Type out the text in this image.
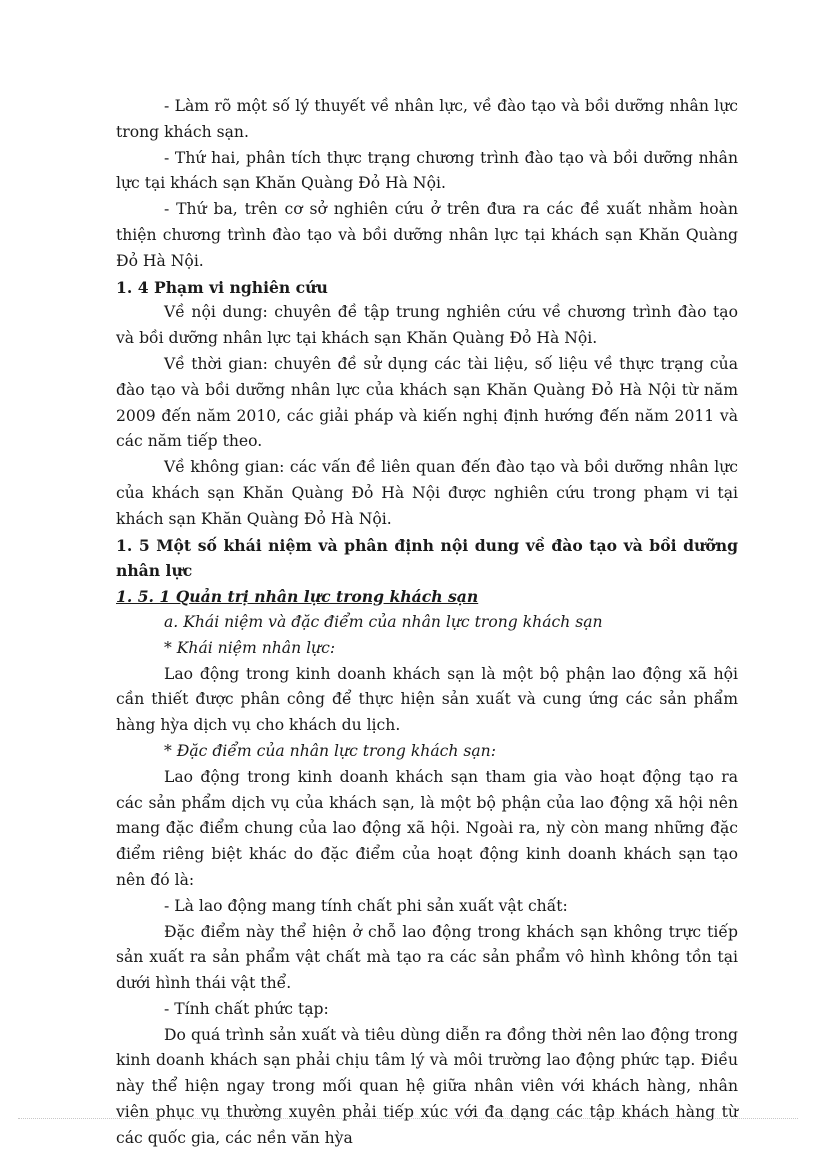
- Làm rõ một số lý thuyết về nhân lực, về đào tạo và bồi dưỡng nhân lực trong khách sạn.

- Thứ hai, phân tích thực trạng chương trình đào tạo và bồi dưỡng nhân lực tại khách sạn Khăn Quàng Đỏ Hà Nội.

- Thứ ba, trên cơ sở nghiên cứu ở trên đưa ra các đề xuất nhằm hoàn thiện chương trình đào tạo và bồi dưỡng nhân lực tại khách sạn Khăn Quàng Đỏ Hà Nội.

1. 4 Phạm vi nghiên cứu

Về nội dung: chuyên đề tập trung nghiên cứu về chương trình đào tạo và bồi dưỡng nhân lực tại khách sạn Khăn Quàng Đỏ Hà Nội.

Về thời gian: chuyên đề sử dụng các tài liệu, số liệu về thực trạng của đào tạo và bồi dưỡng nhân lực của khách sạn Khăn Quàng Đỏ Hà Nội từ năm 2009 đến năm 2010, các giải pháp và kiến nghị định hướng đến năm 2011 và các năm tiếp theo.

Về không gian: các vấn đề liên quan đến đào tạo và bồi dưỡng nhân lực của khách sạn Khăn Quàng Đỏ Hà Nội được nghiên cứu trong phạm vi tại khách sạn Khăn Quàng Đỏ Hà Nội.

1. 5 Một số khái niệm và phân định nội dung về đào tạo và bồi dưỡng nhân lực

1. 5. 1 Quản trị nhân lực trong khách sạn

a. Khái niệm và đặc điểm của nhân lực trong khách sạn

* Khái niệm nhân lực:

Lao động trong kinh doanh khách sạn là một bộ phận lao động xã hội cần thiết được phân công để thực hiện sản xuất và cung ứng các sản phẩm hàng hỳa dịch vụ cho khách du lịch.

* Đặc điểm của nhân lực trong khách sạn:

Lao động trong kinh doanh khách sạn tham gia vào hoạt động tạo ra các sản phẩm dịch vụ của khách sạn, là một bộ phận của lao động xã hội nên mang đặc điểm chung của lao động xã hội. Ngoài ra, nỳ còn mang những đặc điểm riêng biệt khác do đặc điểm của hoạt động kinh doanh khách sạn tạo nên đó là:

- Là lao động mang tính chất phi sản xuất vật chất:

Đặc điểm này thể hiện ở chỗ lao động trong khách sạn không trực tiếp sản xuất ra sản phẩm vật chất mà tạo ra các sản phẩm vô hình không tồn tại dưới hình thái vật thể.

- Tính chất phức tạp:

Do quá trình sản xuất và tiêu dùng diễn ra đồng thời nên lao động trong kinh doanh khách sạn phải chịu tâm lý và môi trường lao động phức tạp. Điều này thể hiện ngay trong mối quan hệ giữa nhân viên với khách hàng, nhân viên phục vụ thường xuyên phải tiếp xúc với đa dạng các tập khách hàng từ các quốc gia, các nền văn hỳa
